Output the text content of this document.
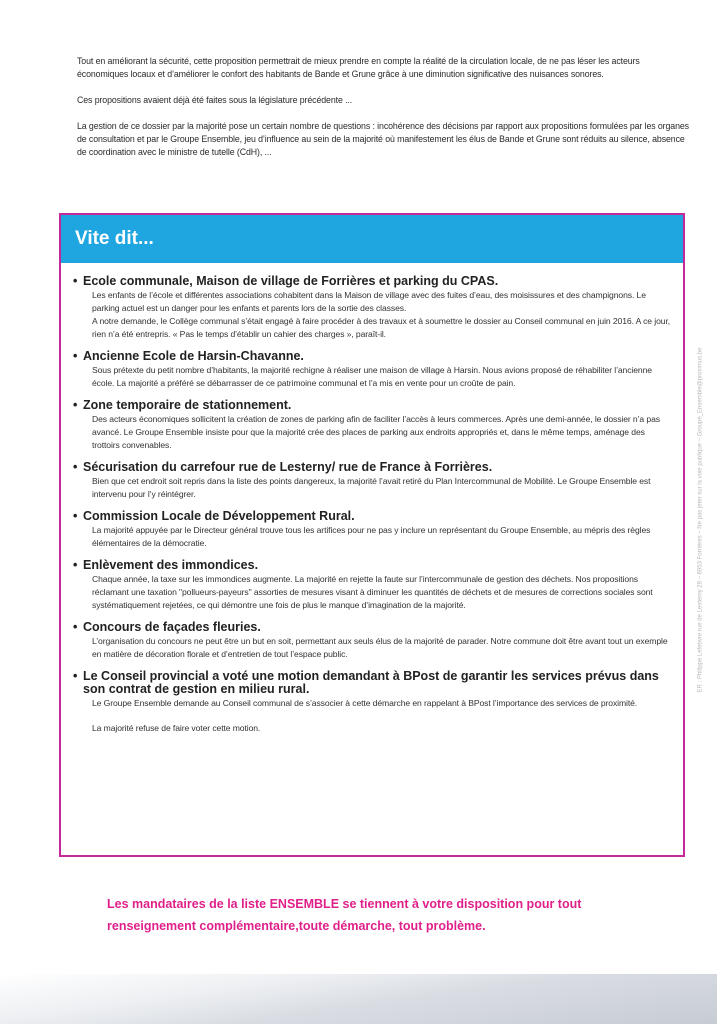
Tout en améliorant la sécurité, cette proposition permettrait de mieux prendre en compte la réalité de la circulation locale, de ne pas léser les acteurs économiques locaux et d’améliorer le confort des habitants de Bande et Grune grâce à une diminution significative des nuisances sonores.

Ces propositions avaient déjà été faites sous la législature précédente ...

La gestion de ce dossier par la majorité pose un certain nombre de questions : incohérence des décisions par rapport aux propositions formulées par les organes de consultation et par le Groupe Ensemble, jeu d’influence au sein de la majorité où manifestement les élus de Bande et Grune sont réduits au silence, absence de coordination avec le ministre de tutelle (CdH), ...

Vite dit...
• Ecole communale, Maison de village de Forrières et parking du CPAS.

Les enfants de l’école et différentes associations cohabitent dans la Maison de village avec des fuites d’eau, des moisissures et des champignons. Le parking actuel est un danger pour les enfants et parents lors de la sortie des classes.

A notre demande, le Collège communal s’était engagé à faire procéder à des travaux et à soumettre le dossier au Conseil communal en juin 2016. A ce jour, rien n’a été entrepris. « Pas le temps d’établir un cahier des charges », paraît-il.

• Ancienne Ecole de Harsin-Chavanne.

Sous prétexte du petit nombre d’habitants, la majorité rechigne à réaliser une maison de village à Harsin. Nous avions proposé de réhabiliter l’ancienne école. La majorité a préféré se débarrasser de ce patrimoine communal et l’a mis en vente pour un croûte de pain.

• Zone temporaire de stationnement.

Des acteurs économiques sollicitent la création de zones de parking afin de faciliter l’accès à leurs commerces. Après une demi-année, le dossier n’a pas avancé. Le Groupe Ensemble insiste pour que la majorité crée des places de parking aux endroits appropriés et, dans le même temps, aménage des trottoirs convenables.

• Sécurisation du carrefour rue de Lesterny/ rue de France à Forrières.

Bien que cet endroit soit repris dans la liste des points dangereux, la majorité l’avait retiré du Plan Intercommunal de Mobilité. Le Groupe Ensemble est intervenu pour l’y réintégrer.

• Commission Locale de Développement Rural.

La majorité appuyée par le Directeur général trouve tous les artifices pour ne pas y inclure un représentant du Groupe Ensemble, au mépris des règles élémentaires de la démocratie.

• Enlèvement des immondices.

Chaque année, la taxe sur les immondices augmente. La majorité en rejette la faute sur l’intercommunale de gestion des déchets. Nos propositions réclamant une taxation "pollueurs-payeurs" assorties de mesures visant à diminuer les quantités de déchets et de mesures de corrections sociales sont systématiquement rejetées, ce qui démontre une fois de plus le manque d’imagination de la majorité.

• Concours de façades fleuries.

L’organisation du concours ne peut être un but en soit, permettant aux seuls élus de la majorité de parader. Notre commune doit être avant tout un exemple en matière de décoration florale et d’entretien de tout l’espace public.

• Le Conseil provincial a voté une motion demandant à BPost de garantir les services prévus dans son contrat de gestion en milieu rural.

Le Groupe Ensemble demande au Conseil communal de s’associer à cette démarche en rappelant à BPost l’importance des services de proximité.

La majorité refuse de faire voter cette motion.

ER : Philippe Lefebvre rue de Lesterny 28 – 6953 Forrières – Ne pas jeter sur la voie publique – Groupe_Ensemble@proximus.be
Les mandataires de la liste ENSEMBLE se tiennent à votre disposition pour tout
renseignement complémentaire,toute démarche, tout problème.
